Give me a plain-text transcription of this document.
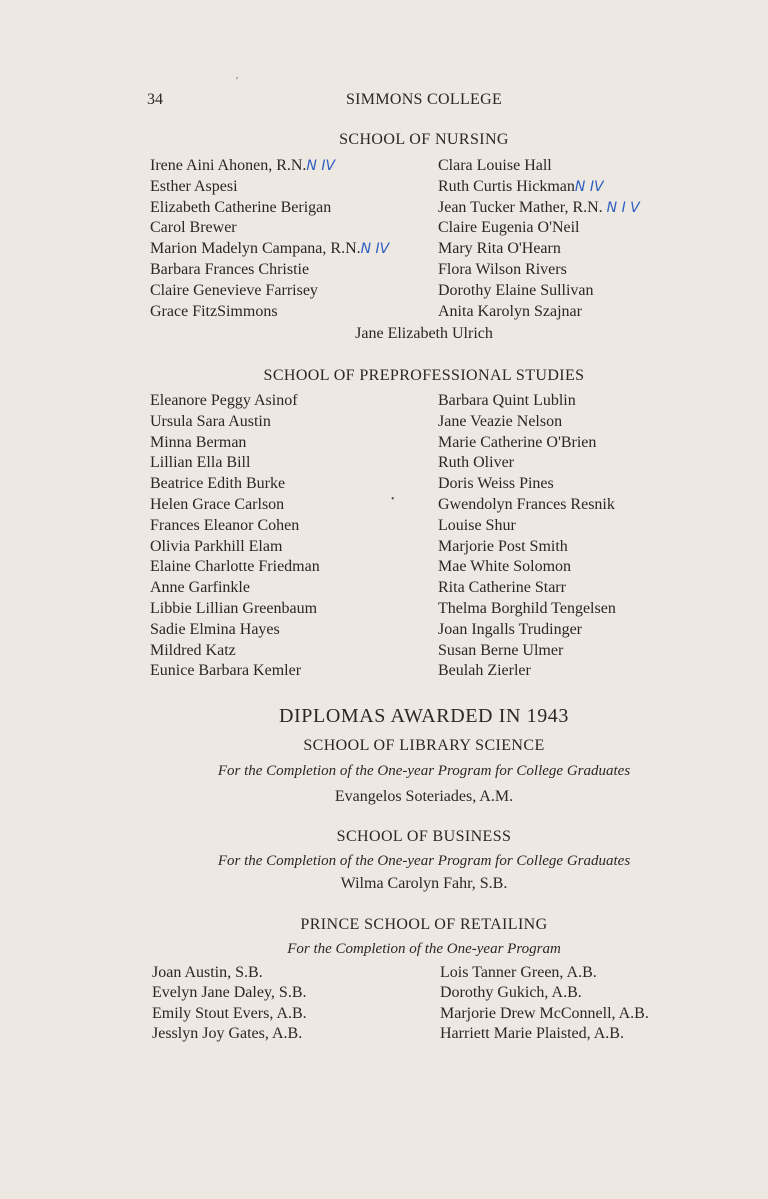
34	SIMMONS COLLEGE
SCHOOL OF NURSING
Irene Aini Ahonen, R.N.N IV
Esther Aspesi
Elizabeth Catherine Berigan
Carol Brewer
Marion Madelyn Campana, R.N.N IV
Barbara Frances Christie
Claire Genevieve Farrisey
Grace FitzSimmons
Clara Louise Hall
Ruth Curtis HickmanN IV
Jean Tucker Mather, R.N. N I V
Claire Eugenia O'Neil
Mary Rita O'Hearn
Flora Wilson Rivers
Dorothy Elaine Sullivan
Anita Karolyn Szajnar
Jane Elizabeth Ulrich
SCHOOL OF PREPROFESSIONAL STUDIES
Eleanore Peggy Asinof
Ursula Sara Austin
Minna Berman
Lillian Ella Bill
Beatrice Edith Burke
Helen Grace Carlson
Frances Eleanor Cohen
Olivia Parkhill Elam
Elaine Charlotte Friedman
Anne Garfinkle
Libbie Lillian Greenbaum
Sadie Elmina Hayes
Mildred Katz
Eunice Barbara Kemler
Barbara Quint Lublin
Jane Veazie Nelson
Marie Catherine O'Brien
Ruth Oliver
Doris Weiss Pines
Gwendolyn Frances Resnik
Louise Shur
Marjorie Post Smith
Mae White Solomon
Rita Catherine Starr
Thelma Borghild Tengelsen
Joan Ingalls Trudinger
Susan Berne Ulmer
Beulah Zierler
DIPLOMAS AWARDED IN 1943
SCHOOL OF LIBRARY SCIENCE
For the Completion of the One-year Program for College Graduates
Evangelos Soteriades, A.M.
SCHOOL OF BUSINESS
For the Completion of the One-year Program for College Graduates
Wilma Carolyn Fahr, S.B.
PRINCE SCHOOL OF RETAILING
For the Completion of the One-year Program
Joan Austin, S.B.
Evelyn Jane Daley, S.B.
Emily Stout Evers, A.B.
Jesslyn Joy Gates, A.B.
Lois Tanner Green, A.B.
Dorothy Gukich, A.B.
Marjorie Drew McConnell, A.B.
Harriett Marie Plaisted, A.B.
′
•
